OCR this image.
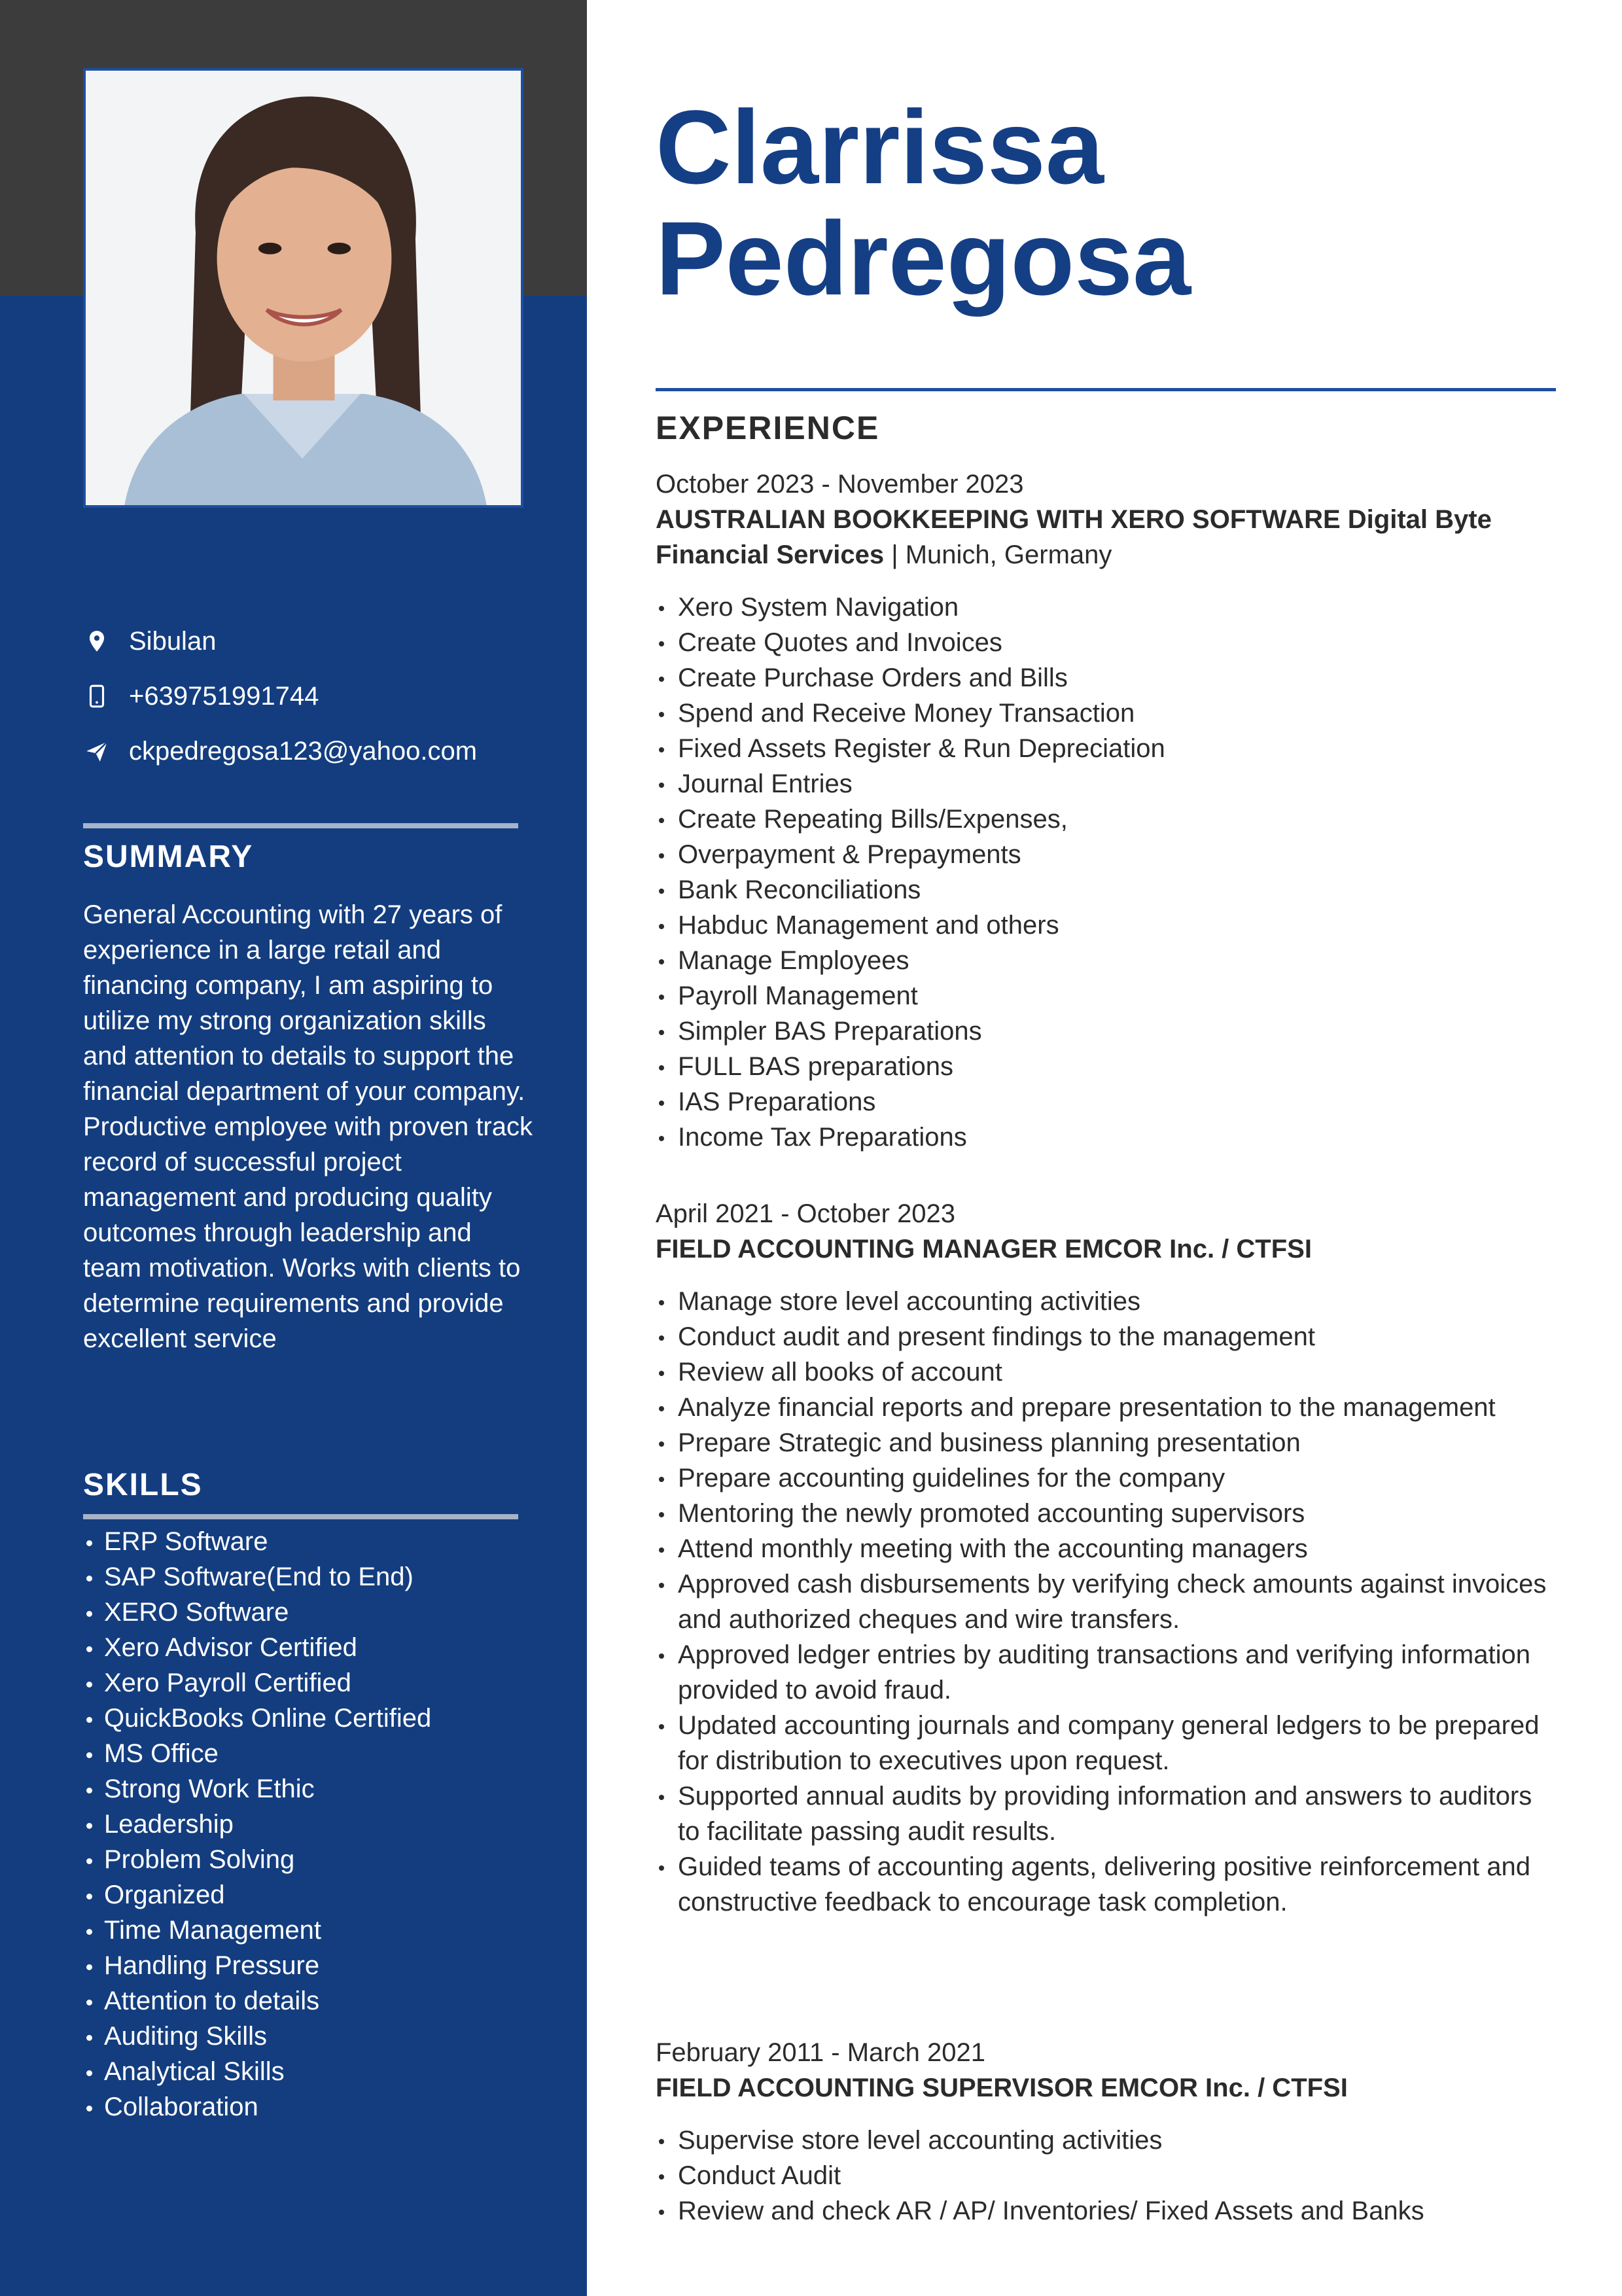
Sibulan
+639751991744
ckpedregosa123@yahoo.com
SUMMARY

General Accounting with 27 years of experience in a large retail and financing company, I am aspiring to utilize my strong organization skills and attention to details to support the financial department of your company.

Productive employee with proven track record of successful project management and producing quality outcomes through leadership and team motivation. Works with clients to determine requirements and provide excellent service

SKILLS
ERP Software
SAP Software(End to End)
XERO Software
Xero Advisor Certified
Xero Payroll Certified
QuickBooks Online Certified
MS Office
Strong Work Ethic
Leadership
Problem Solving
Organized
Time Management
Handling Pressure
Attention to details
Auditing Skills
Analytical Skills
Collaboration
Clarrissa
Pedregosa
EXPERIENCE
October 2023 - November 2023
AUSTRALIAN BOOKKEEPING WITH XERO SOFTWARE Digital Byte Financial Services | Munich, Germany
Xero System Navigation
Create Quotes and Invoices
Create Purchase Orders and Bills
Spend and Receive Money Transaction
Fixed Assets Register & Run Depreciation
Journal Entries
Create Repeating Bills/Expenses,
Overpayment & Prepayments
Bank Reconciliations
Habduc Management and others
Manage Employees
Payroll Management
Simpler BAS Preparations
FULL BAS preparations
IAS Preparations
Income Tax Preparations
April 2021 - October 2023
FIELD ACCOUNTING MANAGER EMCOR Inc. / CTFSI
Manage store level accounting activities
Conduct audit and present findings to the management
Review all books of account
Analyze financial reports and prepare presentation to the management
Prepare Strategic and business planning presentation
Prepare accounting guidelines for the company
Mentoring the newly promoted accounting supervisors
Attend monthly meeting with the accounting managers
Approved cash disbursements by verifying check amounts against invoices and authorized cheques and wire transfers.
Approved ledger entries by auditing transactions and verifying information provided to avoid fraud.
Updated accounting journals and company general ledgers to be prepared for distribution to executives upon request.
Supported annual audits by providing information and answers to auditors to facilitate passing audit results.
Guided teams of accounting agents, delivering positive reinforcement and constructive feedback to encourage task completion.
February 2011 - March 2021
FIELD ACCOUNTING SUPERVISOR EMCOR Inc. / CTFSI
Supervise store level accounting activities
Conduct Audit
Review and check AR / AP/ Inventories/ Fixed Assets and Banks
